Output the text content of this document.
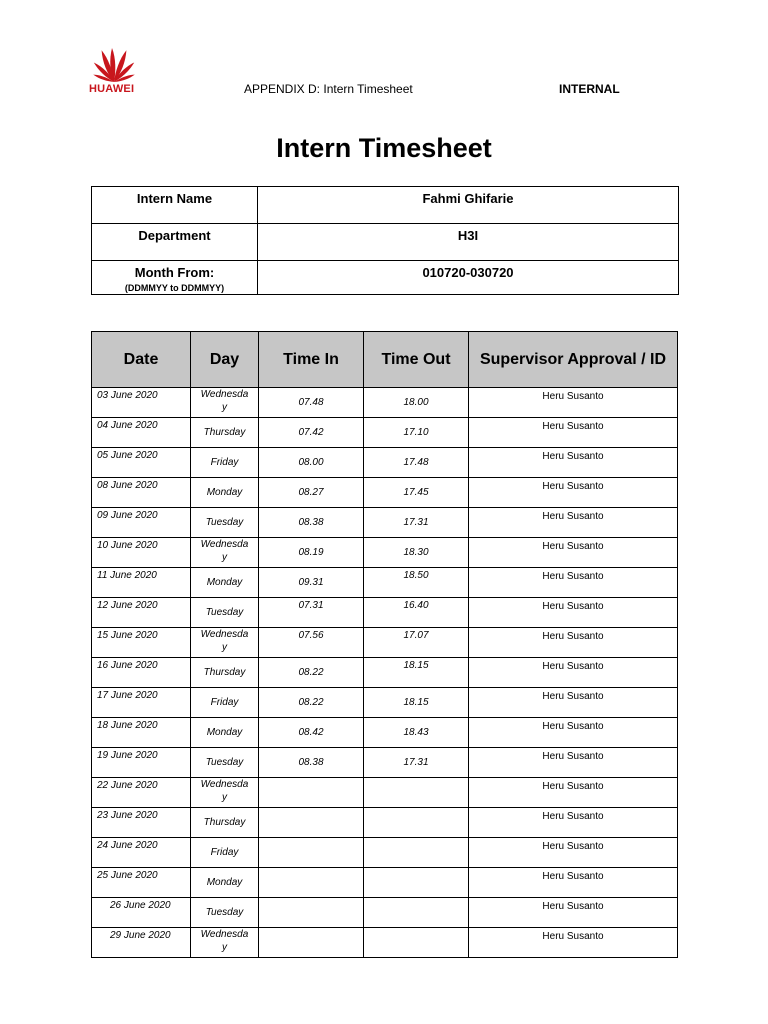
HUAWEI	APPENDIX D: Intern Timesheet	INTERNAL
Intern Timesheet
Intern Name	Fahmi Ghifarie
Department	H3I
Month From:
(DDMMYY to DDMMYY)	010720-030720
Date	Day	Time In	Time Out	Supervisor Approval / ID
03 June 2020	Wednesda
y	07.48	18.00	Heru Susanto
04 June 2020	Thursday	07.42	17.10	Heru Susanto
05 June 2020	Friday	08.00	17.48	Heru Susanto
08 June 2020	Monday	08.27	17.45	Heru Susanto
09 June 2020	Tuesday	08.38	17.31	Heru Susanto
10 June 2020	Wednesda
y	08.19	18.30	Heru Susanto
11 June 2020	Monday	09.31	18.50	Heru Susanto
12 June 2020	Tuesday	07.31	16.40	Heru Susanto
15 June 2020	Wednesda
y	07.56	17.07	Heru Susanto
16 June 2020	Thursday	08.22	18.15	Heru Susanto
17 June 2020	Friday	08.22	18.15	Heru Susanto
18 June 2020	Monday	08.42	18.43	Heru Susanto
19 June 2020	Tuesday	08.38	17.31	Heru Susanto
22 June 2020	Wednesda
y			Heru Susanto
23 June 2020	Thursday			Heru Susanto
24 June 2020	Friday			Heru Susanto
25 June 2020	Monday			Heru Susanto
26 June 2020	Tuesday			Heru Susanto
29 June 2020	Wednesda
y			Heru Susanto
